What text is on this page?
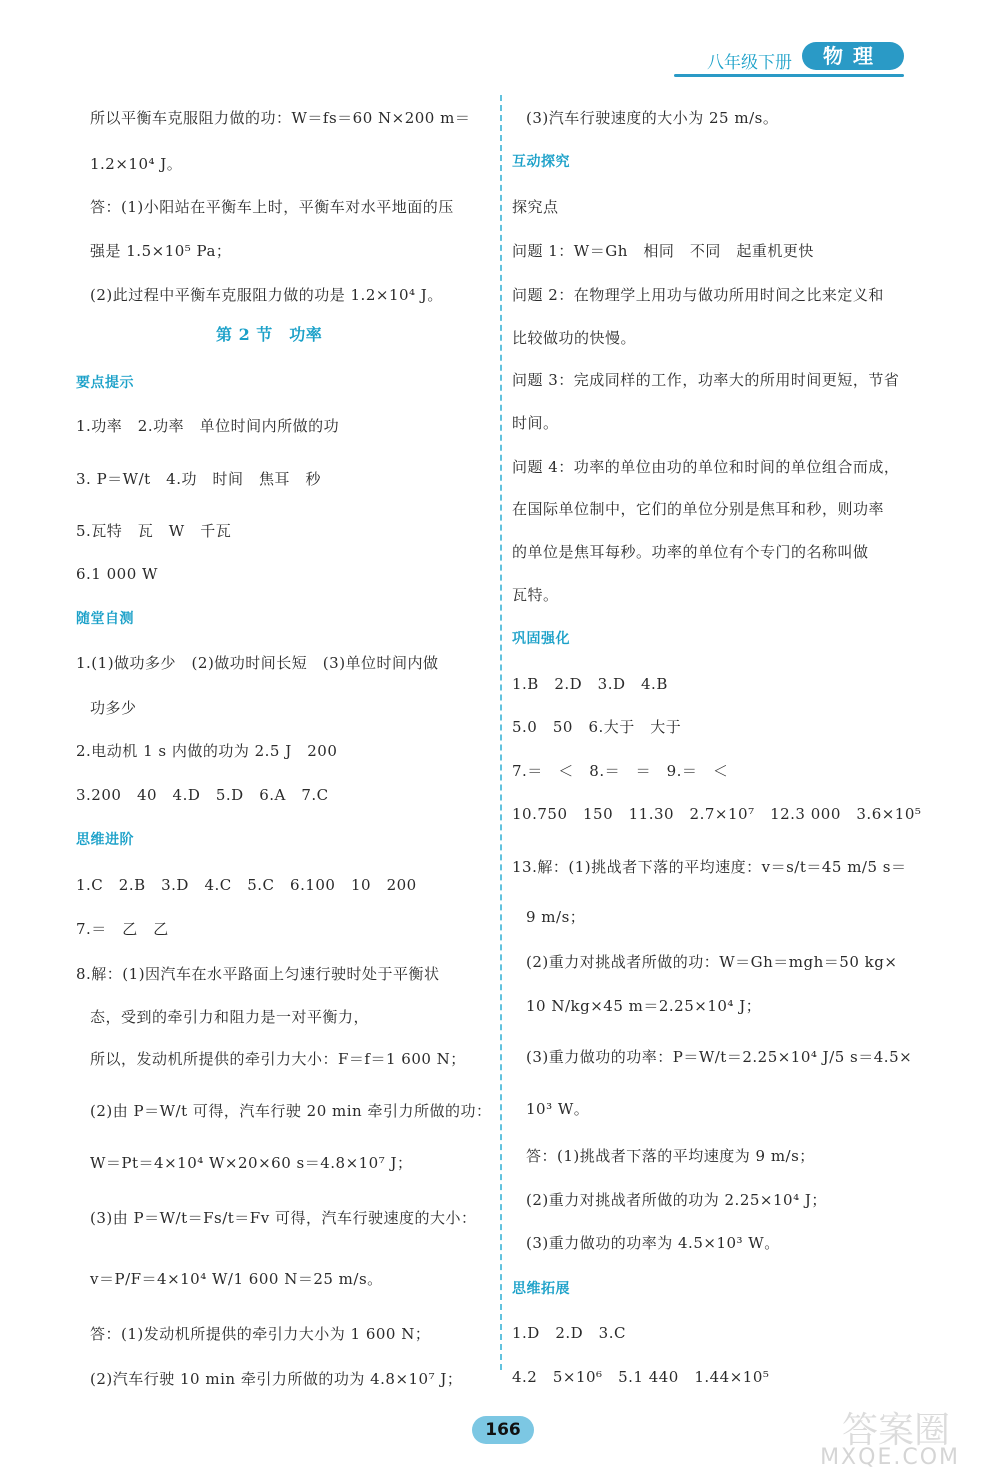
八年级下册	物理
所以平衡车克服阻力做的功：W＝fs＝60 N×200 m＝
1.2×10⁴ J。
答：(1)小阳站在平衡车上时，平衡车对水平地面的压
强是 1.5×10⁵ Pa；
(2)此过程中平衡车克服阻力做的功是 1.2×10⁴ J。
第 2 节　功率
要点提示
1.功率　2.功率　单位时间内所做的功
3. P＝W/t　4.功　时间　焦耳　秒
5.瓦特　瓦　W　千瓦
6.1 000 W
随堂自测
1.(1)做功多少　(2)做功时间长短　(3)单位时间内做
功多少
2.电动机 1 s 内做的功为 2.5 J　200
3.200　40　4.D　5.D　6.A　7.C
思维进阶
1.C　2.B　3.D　4.C　5.C　6.100　10　200
7.＝　乙　乙
8.解：(1)因汽车在水平路面上匀速行驶时处于平衡状
态，受到的牵引力和阻力是一对平衡力，
所以，发动机所提供的牵引力大小：F＝f＝1 600 N；
(2)由 P＝W/t 可得，汽车行驶 20 min 牵引力所做的功：
W＝Pt＝4×10⁴ W×20×60 s＝4.8×10⁷ J；
(3)由 P＝W/t＝Fs/t＝Fv 可得，汽车行驶速度的大小：
v＝P/F＝4×10⁴ W/1 600 N＝25 m/s。
答：(1)发动机所提供的牵引力大小为 1 600 N；
(2)汽车行驶 10 min 牵引力所做的功为 4.8×10⁷ J；
(3)汽车行驶速度的大小为 25 m/s。
互动探究
探究点
问题 1：W＝Gh　相同　不同　起重机更快
问题 2：在物理学上用功与做功所用时间之比来定义和
比较做功的快慢。
问题 3：完成同样的工作，功率大的所用时间更短，节省
时间。
问题 4：功率的单位由功的单位和时间的单位组合而成，
在国际单位制中，它们的单位分别是焦耳和秒，则功率
的单位是焦耳每秒。功率的单位有个专门的名称叫做
瓦特。
巩固强化
1.B　2.D　3.D　4.B
5.0　50　6.大于　大于
7.＝　＜　8.＝　＝　9.＝　＜
10.750　150　11.30　2.7×10⁷　12.3 000　3.6×10⁵
13.解：(1)挑战者下落的平均速度：v＝s/t＝45 m/5 s＝
9 m/s；
(2)重力对挑战者所做的功：W＝Gh＝mgh＝50 kg×
10 N/kg×45 m＝2.25×10⁴ J；
(3)重力做功的功率：P＝W/t＝2.25×10⁴ J/5 s＝4.5×
10³ W。
答：(1)挑战者下落的平均速度为 9 m/s；
(2)重力对挑战者所做的功为 2.25×10⁴ J；
(3)重力做功的功率为 4.5×10³ W。
思维拓展
1.D　2.D　3.C
4.2　5×10⁶　5.1 440　1.44×10⁵
166	答案圈
MXQE.COM
